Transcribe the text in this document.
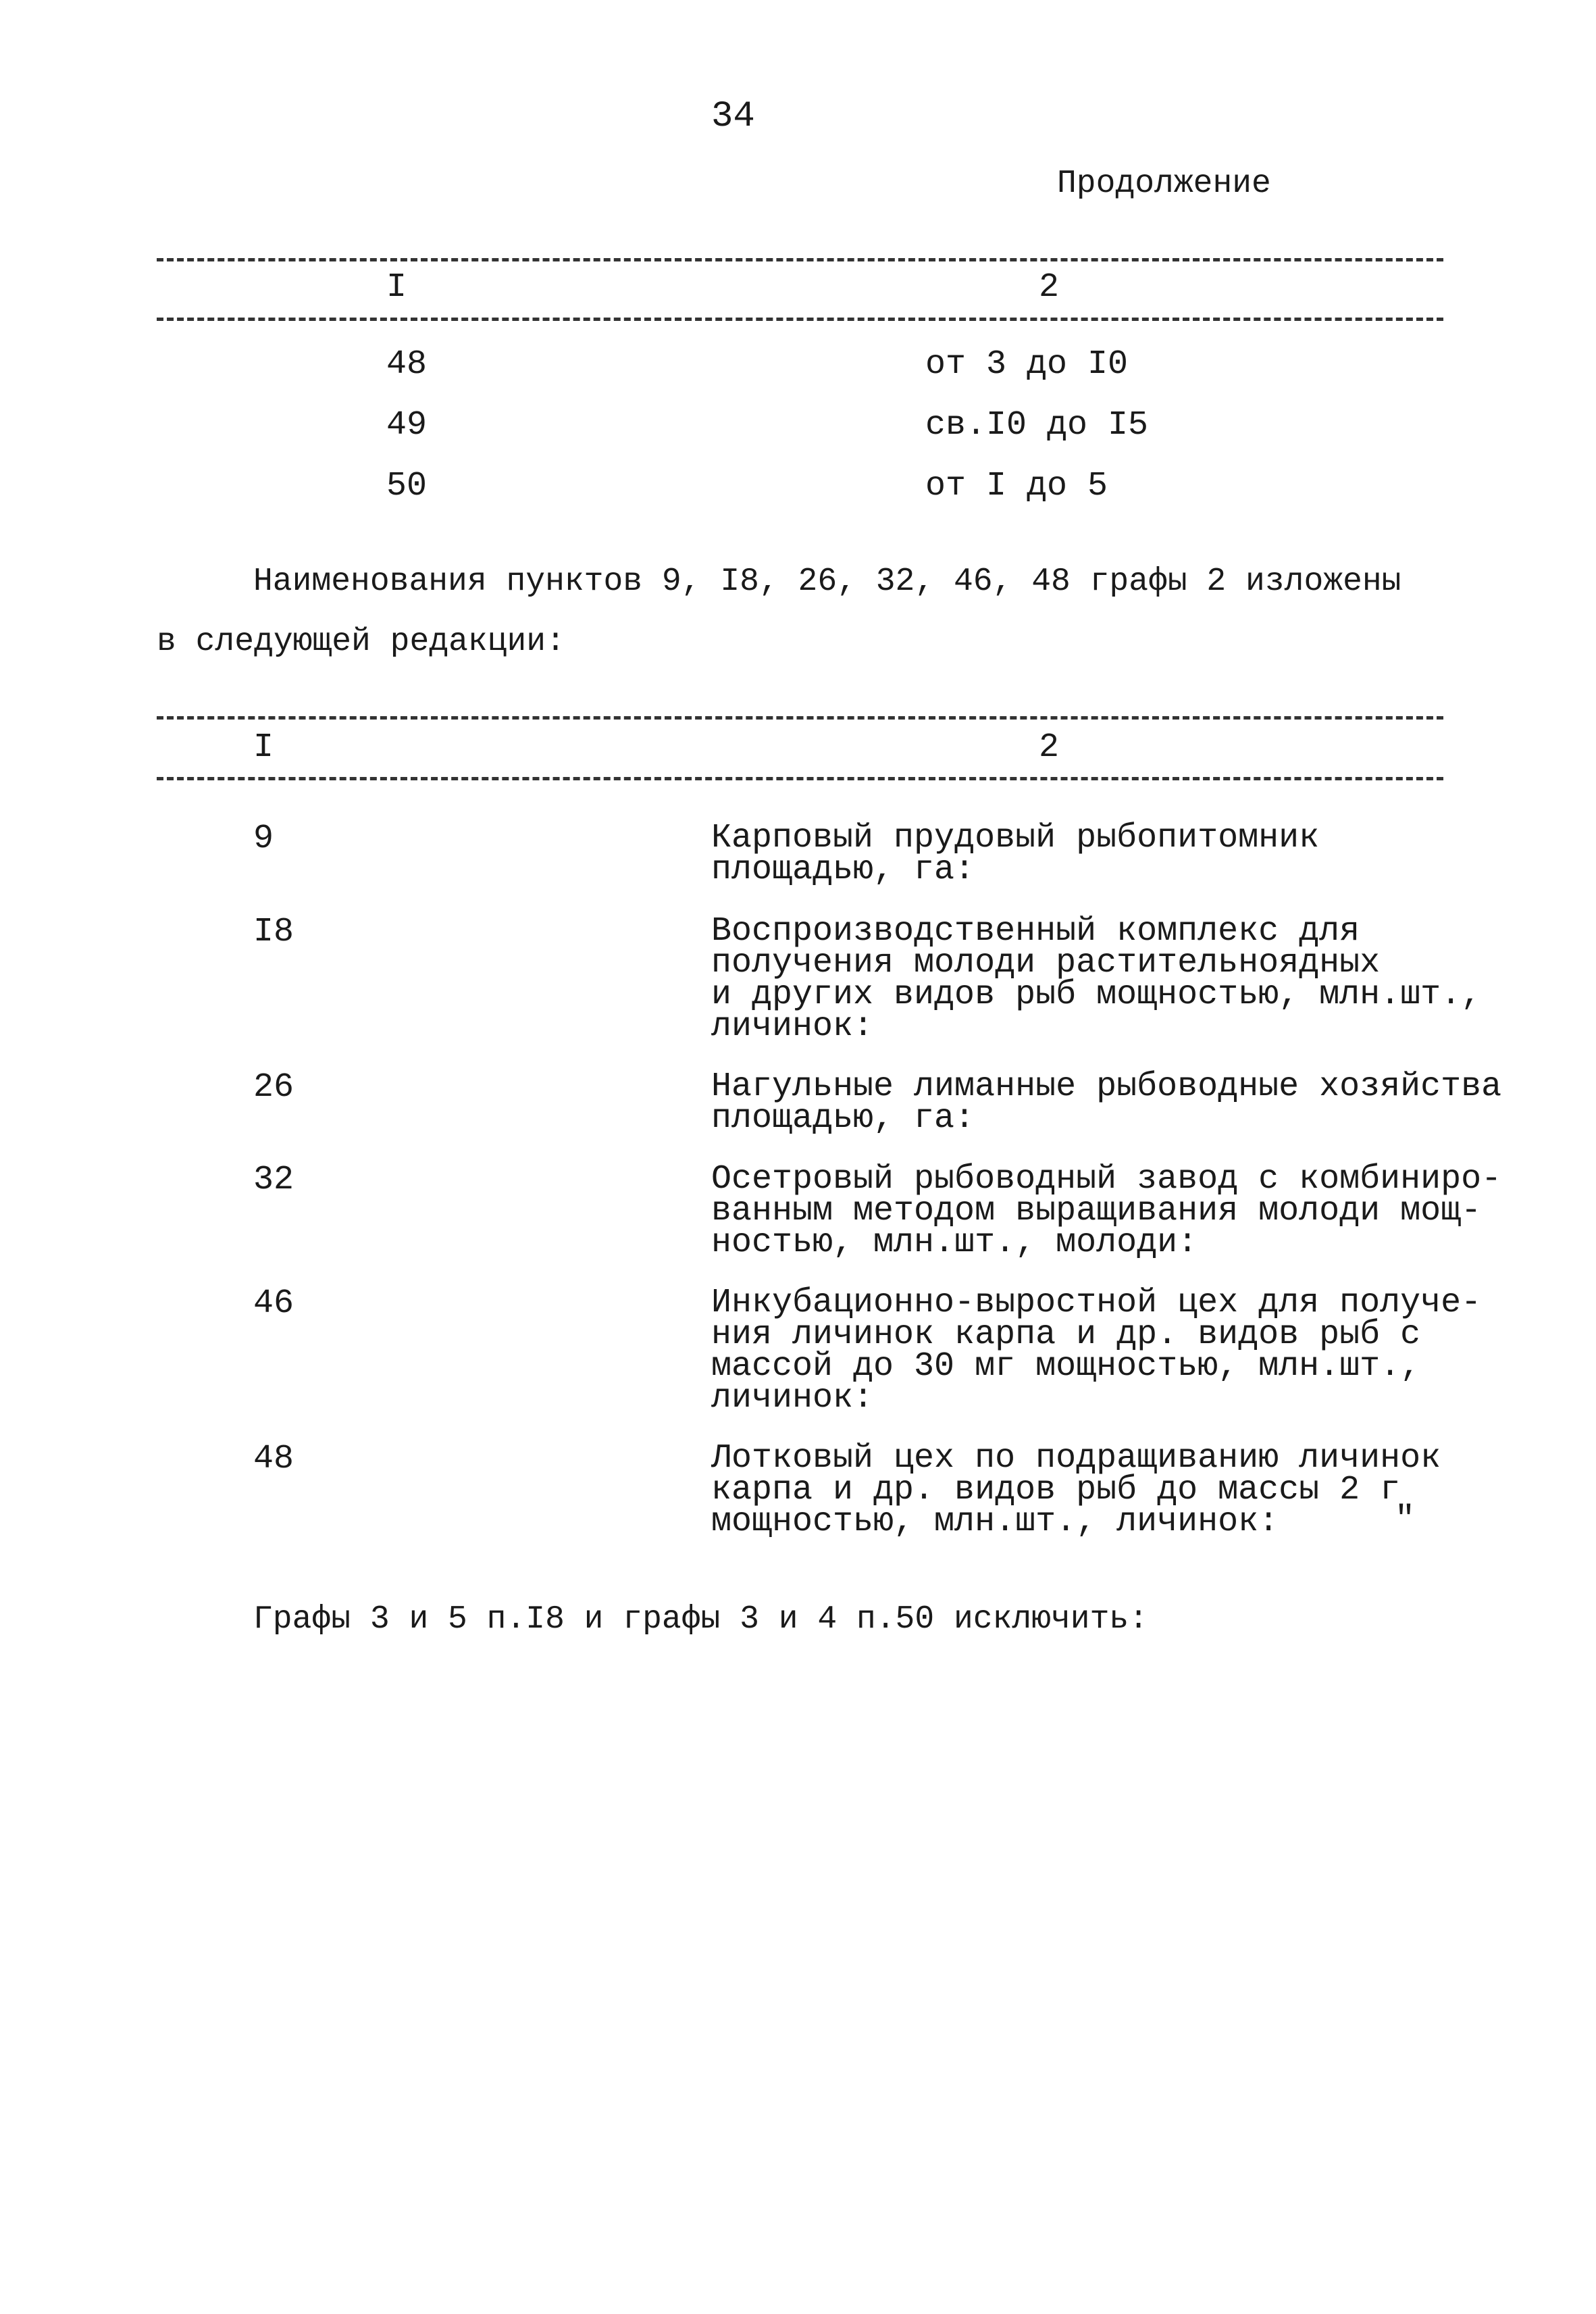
34
Продолжение
I	2
48	от 3 до I0
49	св.I0 до I5
50	от I до 5
Наименования пунктов 9, I8, 26, 32, 46, 48 графы 2 изложены
в следующей редакции:
I	2
9	Карповый прудовый рыбопитомник
площадью, га:
I8	Воспроизводственный комплекс для
получения молоди растительноядных
и других видов рыб мощностью, млн.шт.,
личинок:
26	Нагульные лиманные рыбоводные хозяйства
площадью, га:
32	Осетровый рыбоводный завод с комбиниро-
ванным методом выращивания молоди мощ-
ностью, млн.шт., молоди:
46	Инкубационно-выростной цех для получе-
ния личинок карпа и др. видов рыб с
массой до 30 мг мощностью, млн.шт.,
личинок:
48	Лотковый цех по подращиванию личинок
карпа и др. видов рыб до массы 2 г
мощностью, млн.шт., личинок:	"
Графы 3 и 5 п.I8 и графы 3 и 4 п.50 исключить:
